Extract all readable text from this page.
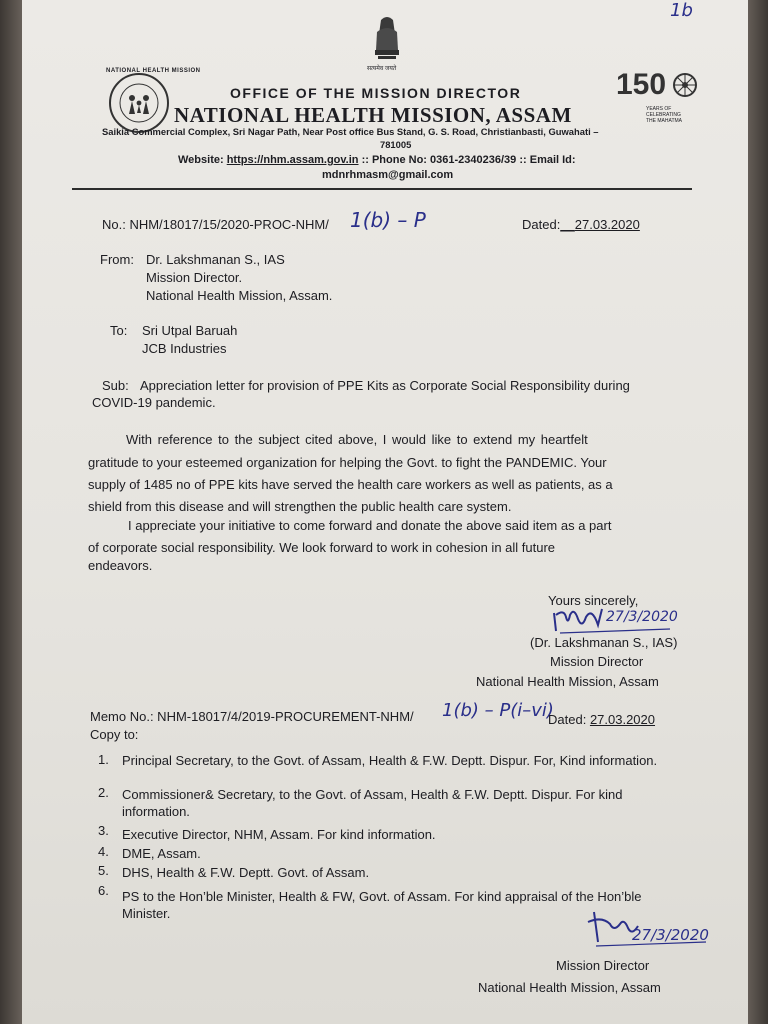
1b
NATIONAL HEALTH MISSION	सत्यमेव जयते	150
YEARS OF CELEBRATING THE MAHATMA
OFFICE OF THE MISSION DIRECTOR
NATIONAL HEALTH MISSION, ASSAM
Saikia Commercial Complex, Sri Nagar Path, Near Post office Bus Stand, G. S. Road, Christianbasti, Guwahati –
781005
Website: https://nhm.assam.gov.in :: Phone No: 0361-2340236/39 :: Email Id:
mdnrhmasm@gmail.com
No.: NHM/18017/15/2020-PROC-NHM/ 1(b) – P	Dated:__27.03.2020
From: Dr. Lakshmanan S., IAS
Mission Director.
National Health Mission, Assam.
To: Sri Utpal Baruah
JCB Industries
Sub: Appreciation letter for provision of PPE Kits as Corporate Social Responsibility during
COVID-19 pandemic.
With reference to the subject cited above, I would like to extend my heartfelt
gratitude to your esteemed organization for helping the Govt. to fight the PANDEMIC. Your
supply of 1485 no of PPE kits have served the health care workers as well as patients, as a
shield from this disease and will strengthen the public health care system.
I appreciate your initiative to come forward and donate the above said item as a part
of corporate social responsibility. We look forward to work in cohesion in all future
endeavors.
Yours sincerely,
27/3/2020
(Dr. Lakshmanan S., IAS)
Mission Director
National Health Mission, Assam
Memo No.: NHM-18017/4/2019-PROCUREMENT-NHM/ 1(b) – P(i–vi)
Dated: 27.03.2020
Copy to:
1. Principal Secretary, to the Govt. of Assam, Health & F.W. Deptt. Dispur. For, Kind information.
2. Commissioner& Secretary, to the Govt. of Assam, Health & F.W. Deptt. Dispur. For kind information.
3. Executive Director, NHM, Assam. For kind information.
4. DME, Assam.
5. DHS, Health & F.W. Deptt. Govt. of Assam.
6. PS to the Hon’ble Minister, Health & FW, Govt. of Assam. For kind appraisal of the Hon’ble Minister.
27/3/2020
Mission Director
National Health Mission, Assam
